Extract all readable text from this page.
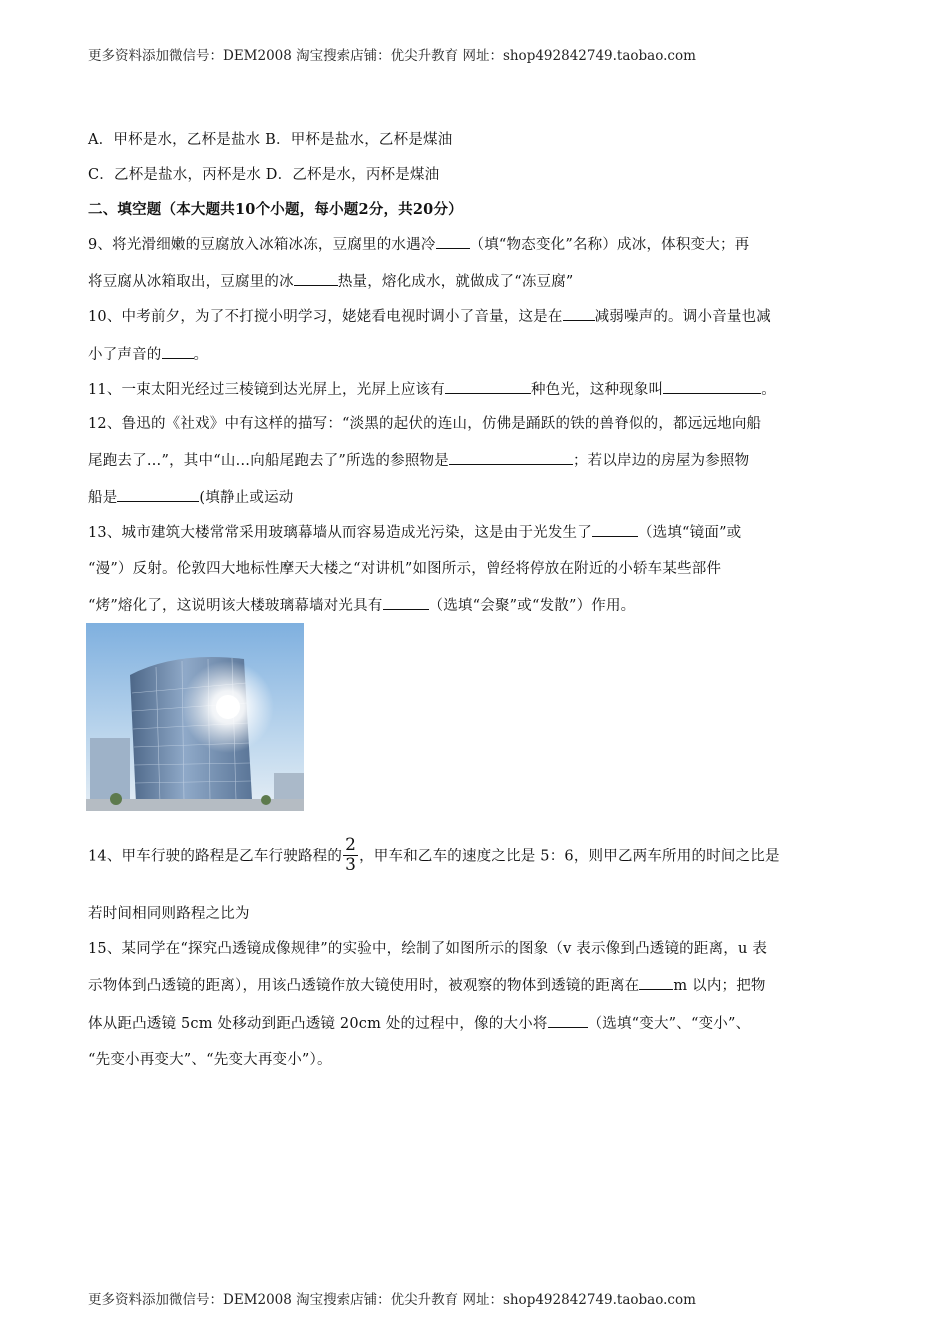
更多资料添加微信号：DEM2008 淘宝搜索店铺：优尖升教育 网址：shop492842749.taobao.com
A．甲杯是水，乙杯是盐水 B．甲杯是盐水，乙杯是煤油
C．乙杯是盐水，丙杯是水 D．乙杯是水，丙杯是煤油
二、填空题（本大题共10个小题，每小题2分，共20分）
9、将光滑细嫩的豆腐放入冰箱冰冻，豆腐里的水遇冷 （填“物态变化”名称）成冰，体积变大；再
将豆腐从冰箱取出，豆腐里的冰	热量，熔化成水，就做成了“冻豆腐”
10、中考前夕，为了不打搅小明学习，姥姥看电视时调小了音量，这是在 减弱噪声的。调小音量也减
小了声音的 。
11、一束太阳光经过三棱镜到达光屏上，光屏上应该有	种色光，这种现象叫	。
12、鲁迅的《社戏》中有这样的描写：“淡黑的起伏的连山，仿佛是踊跃的铁的兽脊似的，都远远地向船
尾跑去了…”，其中“山…向船尾跑去了”所选的参照物是	；若以岸边的房屋为参照物
船是	(填静止或运动
13、城市建筑大楼常常采用玻璃幕墙从而容易造成光污染，这是由于光发生了	（选填“镜面”或
“漫”）反射。伦敦四大地标性摩天大楼之“对讲机”如图所示，曾经将停放在附近的小轿车某些部件
“烤”熔化了，这说明该大楼玻璃幕墙对光具有	（选填“会聚”或“发散”）作用。
14、甲车行驶的路程是乙车行驶路程的 $\frac{2}{3}$ ，甲车和乙车的速度之比是 5：6，则甲乙两车所用的时间之比是
若时间相同则路程之比为
15、某同学在“探究凸透镜成像规律”的实验中，绘制了如图所示的图象（v 表示像到凸透镜的距离，u 表
示物体到凸透镜的距离），用该凸透镜作放大镜使用时，被观察的物体到透镜的距离在 m 以内；把物
体从距凸透镜 5cm 处移动到距凸透镜 20cm 处的过程中，像的大小将	（选填“变大”、“变小”、
“先变小再变大”、“先变大再变小”）。
更多资料添加微信号：DEM2008 淘宝搜索店铺：优尖升教育 网址：shop492842749.taobao.com
